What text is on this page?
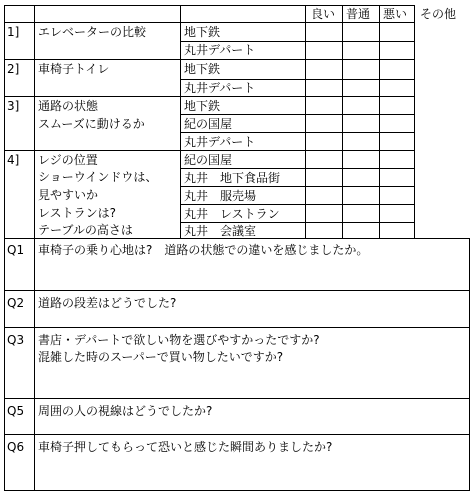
良い 普通 悪い その他
1] エレベーターの比較	地下鉄
丸井デパート
2] 車椅子トイレ	地下鉄
丸井デパート
3] 通路の状態
スムーズに動けるか
地下鉄
紀の国屋
丸井デパート
4] レジの位置
ショーウインドウは、
見やすいか
レストランは?
テーブルの高さは
紀の国屋
丸井　地下食品街
丸井　服売場
丸井　レストラン
丸井　会議室
Q1 車椅子の乗り心地は?　道路の状態での違いを感じましたか。
Q2 道路の段差はどうでした?
Q3 書店・デパートで欲しい物を選びやすかったですか?
混雑した時のスーパーで買い物したいですか?
Q5 周囲の人の視線はどうでしたか?
Q6 車椅子押してもらって恐いと感じた瞬間ありましたか?
